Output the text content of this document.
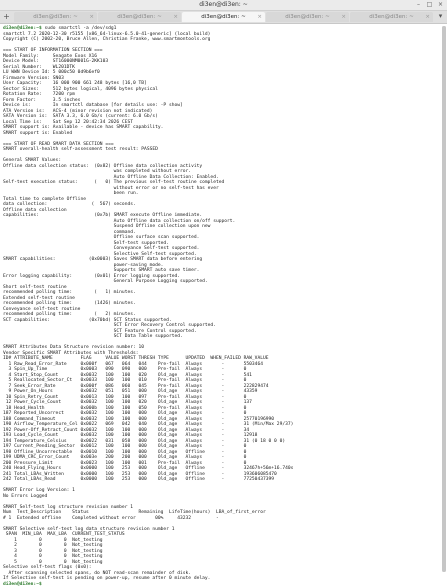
di3en@di3en: ~	–	□ ×
+	di3en@di3en: ~ ×	di3en@di3en: ~ ×	di3en@di3en: ~ ×	di3en@di3en: ~ ×	di3en@di3en: ~ ×	▾
di3en@di3en:~$ sudo smartctl -a /dev/sdg1
smartctl 7.2 2020-12-30 r5155 [x86_64-linux-6.5.0-41-generic] (local build)
Copyright (C) 2002-20, Bruce Allen, Christian Franke, www.smartmontools.org

=== START OF INFORMATION SECTION ===
Model Family:     Seagate Exos X16
Device Model:     ST16000NM001G-2KK103
Serial Number:    WL201DTK
LU WWN Device Id: 5 000c50 0d9b6ef0
Firmware Version: SN03
User Capacity:    16 000 900 661 248 bytes [16,0 TB]
Sector Sizes:     512 bytes logical, 4096 bytes physical
Rotation Rate:    7200 rpm
Form Factor:      3.5 inches
Device is:        In smartctl database [for details use: -P show]
ATA Version is:   ACS-4 (minor revision not indicated)
SATA Version is:  SATA 3.3, 6.0 Gb/s (current: 6.0 Gb/s)
Local Time is:    Sat Sep 12 20:42:34 2026 CEST
SMART support is: Available - device has SMART capability.
SMART support is: Enabled

=== START OF READ SMART DATA SECTION ===
SMART overall-health self-assessment test result: PASSED

General SMART Values:
Offline data collection status:  (0x82) Offline data collection activity
was completed without error.
Auto Offline Data Collection: Enabled.
Self-test execution status:      (   0) The previous self-test routine completed
without error or no self-test has ever
been run.
Total time to complete Offline
data collection:                (  567) seconds.
Offline data collection
capabilities:                    (0x7b) SMART execute Offline immediate.
Auto Offline data collection on/off support.
Suspend Offline collection upon new
command.
Offline surface scan supported.
Self-test supported.
Conveyance Self-test supported.
Selective Self-test supported.
SMART capabilities:            (0x0003) Saves SMART data before entering
power-saving mode.
Supports SMART auto save timer.
Error logging capability:        (0x01) Error logging supported.
General Purpose Logging supported.
Short self-test routine
recommended polling time:        (   1) minutes.
Extended self-test routine
recommended polling time:        (1426) minutes.
Conveyance self-test routine
recommended polling time:        (   2) minutes.
SCT capabilities:              (0x70bd) SCT Status supported.
SCT Error Recovery Control supported.
SCT Feature Control supported.
SCT Data Table supported.

SMART Attributes Data Structure revision number: 10
Vendor Specific SMART Attributes with Thresholds:
ID# ATTRIBUTE_NAME          FLAG     VALUE WORST THRESH TYPE      UPDATED  WHEN_FAILED RAW_VALUE
1 Raw_Read_Error_Rate     0x000f   067   064   044    Pre-fail  Always       -       5503464
3 Spin_Up_Time            0x0003   090   090   000    Pre-fail  Always       -       0
4 Start_Stop_Count        0x0032   100   100   020    Old_age   Always       -       541
5 Reallocated_Sector_Ct   0x0033   100   100   010    Pre-fail  Always       -       0
7 Seek_Error_Rate         0x000f   086   060   045    Pre-fail  Always       -       222829474
9 Power_On_Hours          0x0032   051   051   000    Old_age   Always       -       43359
10 Spin_Retry_Count        0x0013   100   100   097    Pre-fail  Always       -       0
12 Power_Cycle_Count       0x0032   100   100   020    Old_age   Always       -       137
18 Head_Health             0x000b   100   100   050    Pre-fail  Always       -       0
187 Reported_Uncorrect      0x0032   100   100   000    Old_age   Always       -       0
188 Command_Timeout         0x0032   100   100   000    Old_age   Always       -       25770196990
190 Airflow_Temperature_Cel 0x0022   069   042   040    Old_age   Always       -       31 (Min/Max 29/37)
192 Power-Off_Retract_Count 0x0032   100   100   000    Old_age   Always       -       34
193 Load_Cycle_Count        0x0032   100   100   000    Old_age   Always       -       12918
194 Temperature_Celsius     0x0022   031   058   000    Old_age   Always       -       31 (0 18 0 0 0)
197 Current_Pending_Sector  0x0012   100   100   000    Old_age   Always       -       0
198 Offline_Uncorrectable   0x0010   100   100   000    Old_age   Offline      -       0
199 UDMA_CRC_Error_Count    0x003e   200   200   000    Old_age   Always       -       0
200 Pressure_Limit          0x0023   100   100   001    Pre-fail  Always       -       0
240 Head_Flying_Hours       0x0000   100   253   000    Old_age   Offline      -       32467h+56m+16.740s
241 Total_LBAs_Written      0x0000   100   253   000    Old_age   Offline      -       193606085470
242 Total_LBAs_Read         0x0000   100   253   000    Old_age   Offline      -       77250437399

SMART Error Log Version: 1
No Errors Logged

SMART Self-test log structure revision number 1
Num  Test_Description    Status                  Remaining  LifeTime(hours)  LBA_of_first_error
# 1  Extended offline    Completed without error       00%     43232         -

SMART Selective self-test log data structure revision number 1
SPAN  MIN_LBA  MAX_LBA  CURRENT_TEST_STATUS
1        0        0  Not_testing
2        0        0  Not_testing
3        0        0  Not_testing
4        0        0  Not_testing
5        0        0  Not_testing
Selective self-test flags (0x0):
After scanning selected spans, do NOT read-scan remainder of disk.
If Selective self-test is pending on power-up, resume after 0 minute delay.
di3en@di3en:~$
